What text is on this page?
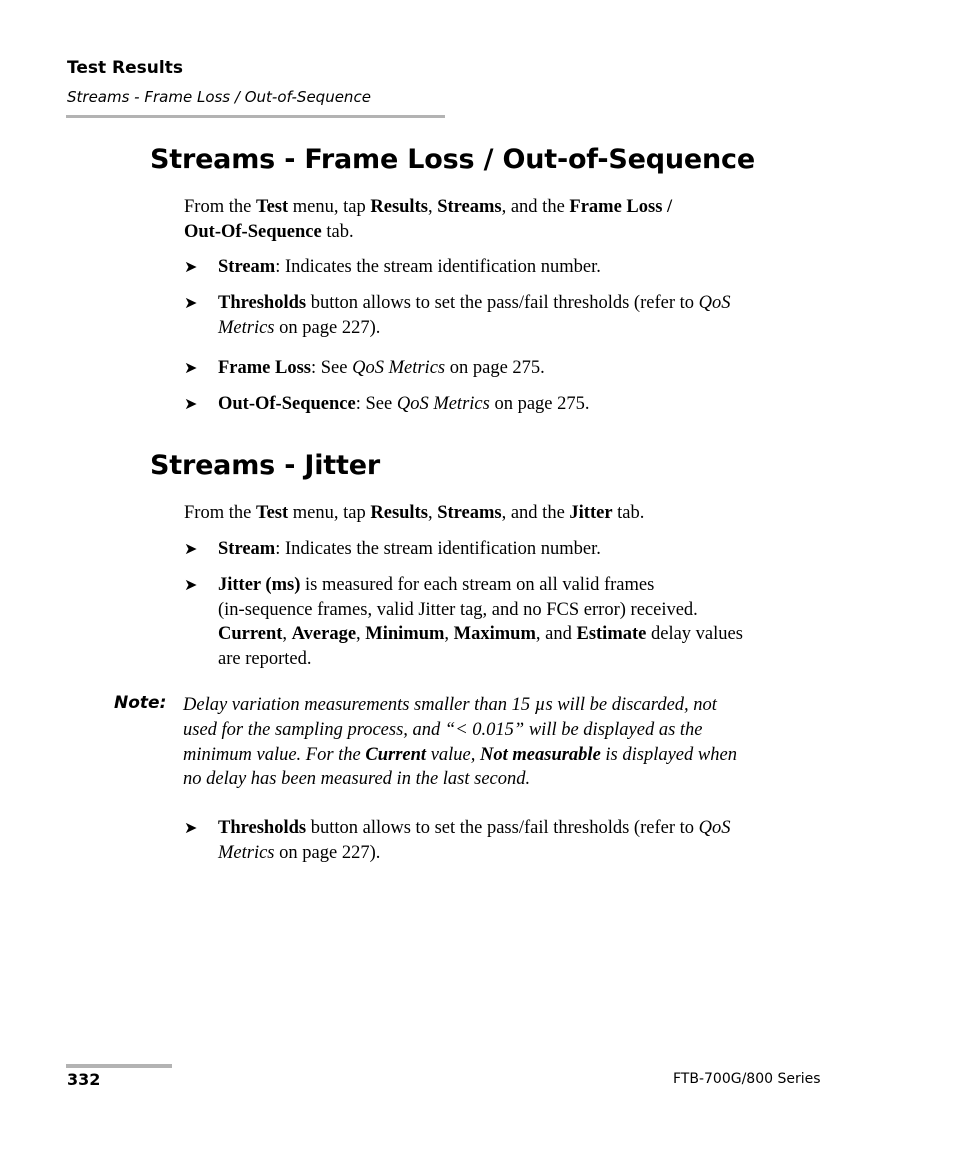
Test Results
Streams - Frame Loss / Out-of-Sequence
Streams - Frame Loss / Out-of-Sequence
From the Test menu, tap Results, Streams, and the Frame Loss /
Out-Of-Sequence tab.
➤ Stream: Indicates the stream identification number.
➤ Thresholds button allows to set the pass/fail thresholds (refer to QoS
Metrics on page 227).
➤ Frame Loss: See QoS Metrics on page 275.
➤ Out-Of-Sequence: See QoS Metrics on page 275.
Streams - Jitter
From the Test menu, tap Results, Streams, and the Jitter tab.
➤ Stream: Indicates the stream identification number.
➤ Jitter (ms) is measured for each stream on all valid frames
(in-sequence frames, valid Jitter tag, and no FCS error) received.
Current, Average, Minimum, Maximum, and Estimate delay values
are reported.
Note: Delay variation measurements smaller than 15 µs will be discarded, not
used for the sampling process, and “< 0.015” will be displayed as the
minimum value. For the Current value, Not measurable is displayed when
no delay has been measured in the last second.
➤ Thresholds button allows to set the pass/fail thresholds (refer to QoS
Metrics on page 227).
332	FTB-700G/800 Series
